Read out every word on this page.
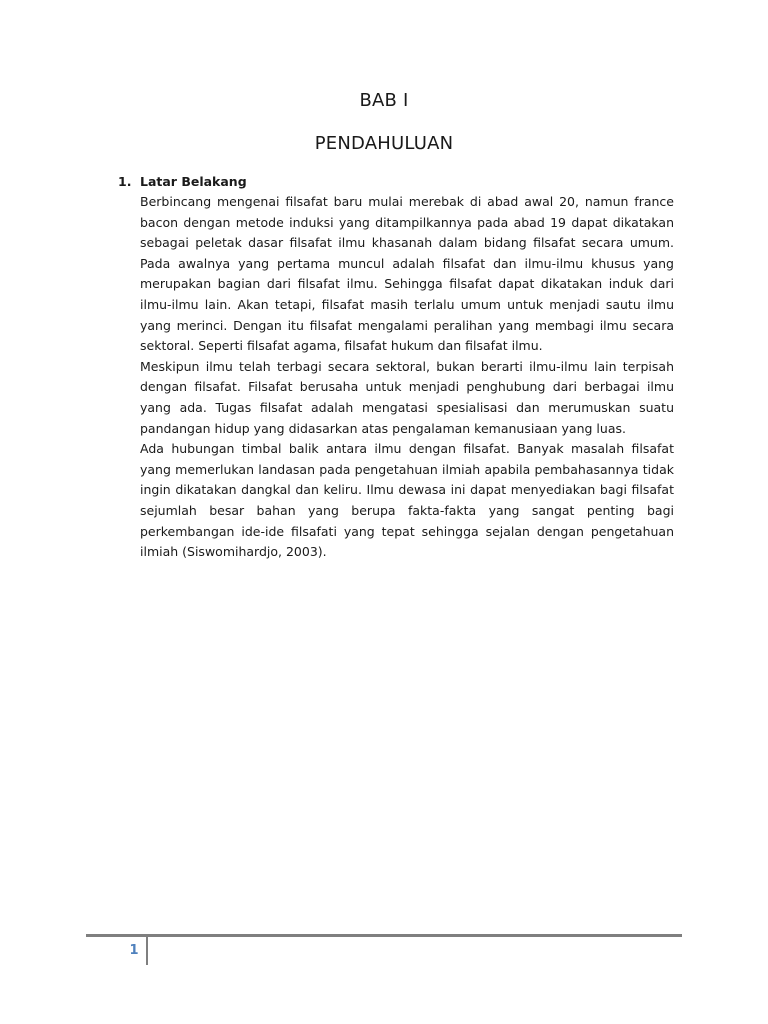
BAB I
PENDAHULUAN
1. Latar Belakang

Berbincang mengenai filsafat baru mulai merebak di abad awal 20, namun france bacon dengan metode induksi yang ditampilkannya pada abad 19 dapat dikatakan sebagai peletak dasar filsafat ilmu khasanah dalam bidang filsafat secara umum. Pada awalnya yang pertama muncul adalah filsafat dan ilmu-ilmu khusus yang merupakan bagian dari filsafat ilmu. Sehingga filsafat dapat dikatakan induk dari ilmu-ilmu lain. Akan tetapi, filsafat masih terlalu umum untuk menjadi sautu ilmu yang merinci. Dengan itu filsafat mengalami peralihan yang membagi ilmu secara sektoral. Seperti filsafat agama, filsafat hukum dan filsafat ilmu.

Meskipun ilmu telah terbagi secara sektoral, bukan berarti ilmu-ilmu lain terpisah dengan filsafat. Filsafat berusaha untuk menjadi penghubung dari berbagai ilmu yang ada. Tugas filsafat adalah mengatasi spesialisasi dan merumuskan suatu pandangan hidup yang didasarkan atas pengalaman kemanusiaan yang luas.

Ada hubungan timbal balik antara ilmu dengan filsafat. Banyak masalah filsafat yang memerlukan landasan pada pengetahuan ilmiah apabila pembahasannya tidak ingin dikatakan dangkal dan keliru. Ilmu dewasa ini dapat menyediakan bagi filsafat sejumlah besar bahan yang berupa fakta-fakta yang sangat penting bagi perkembangan ide-ide filsafati yang tepat sehingga sejalan dengan pengetahuan ilmiah (Siswomihardjo, 2003).

1
